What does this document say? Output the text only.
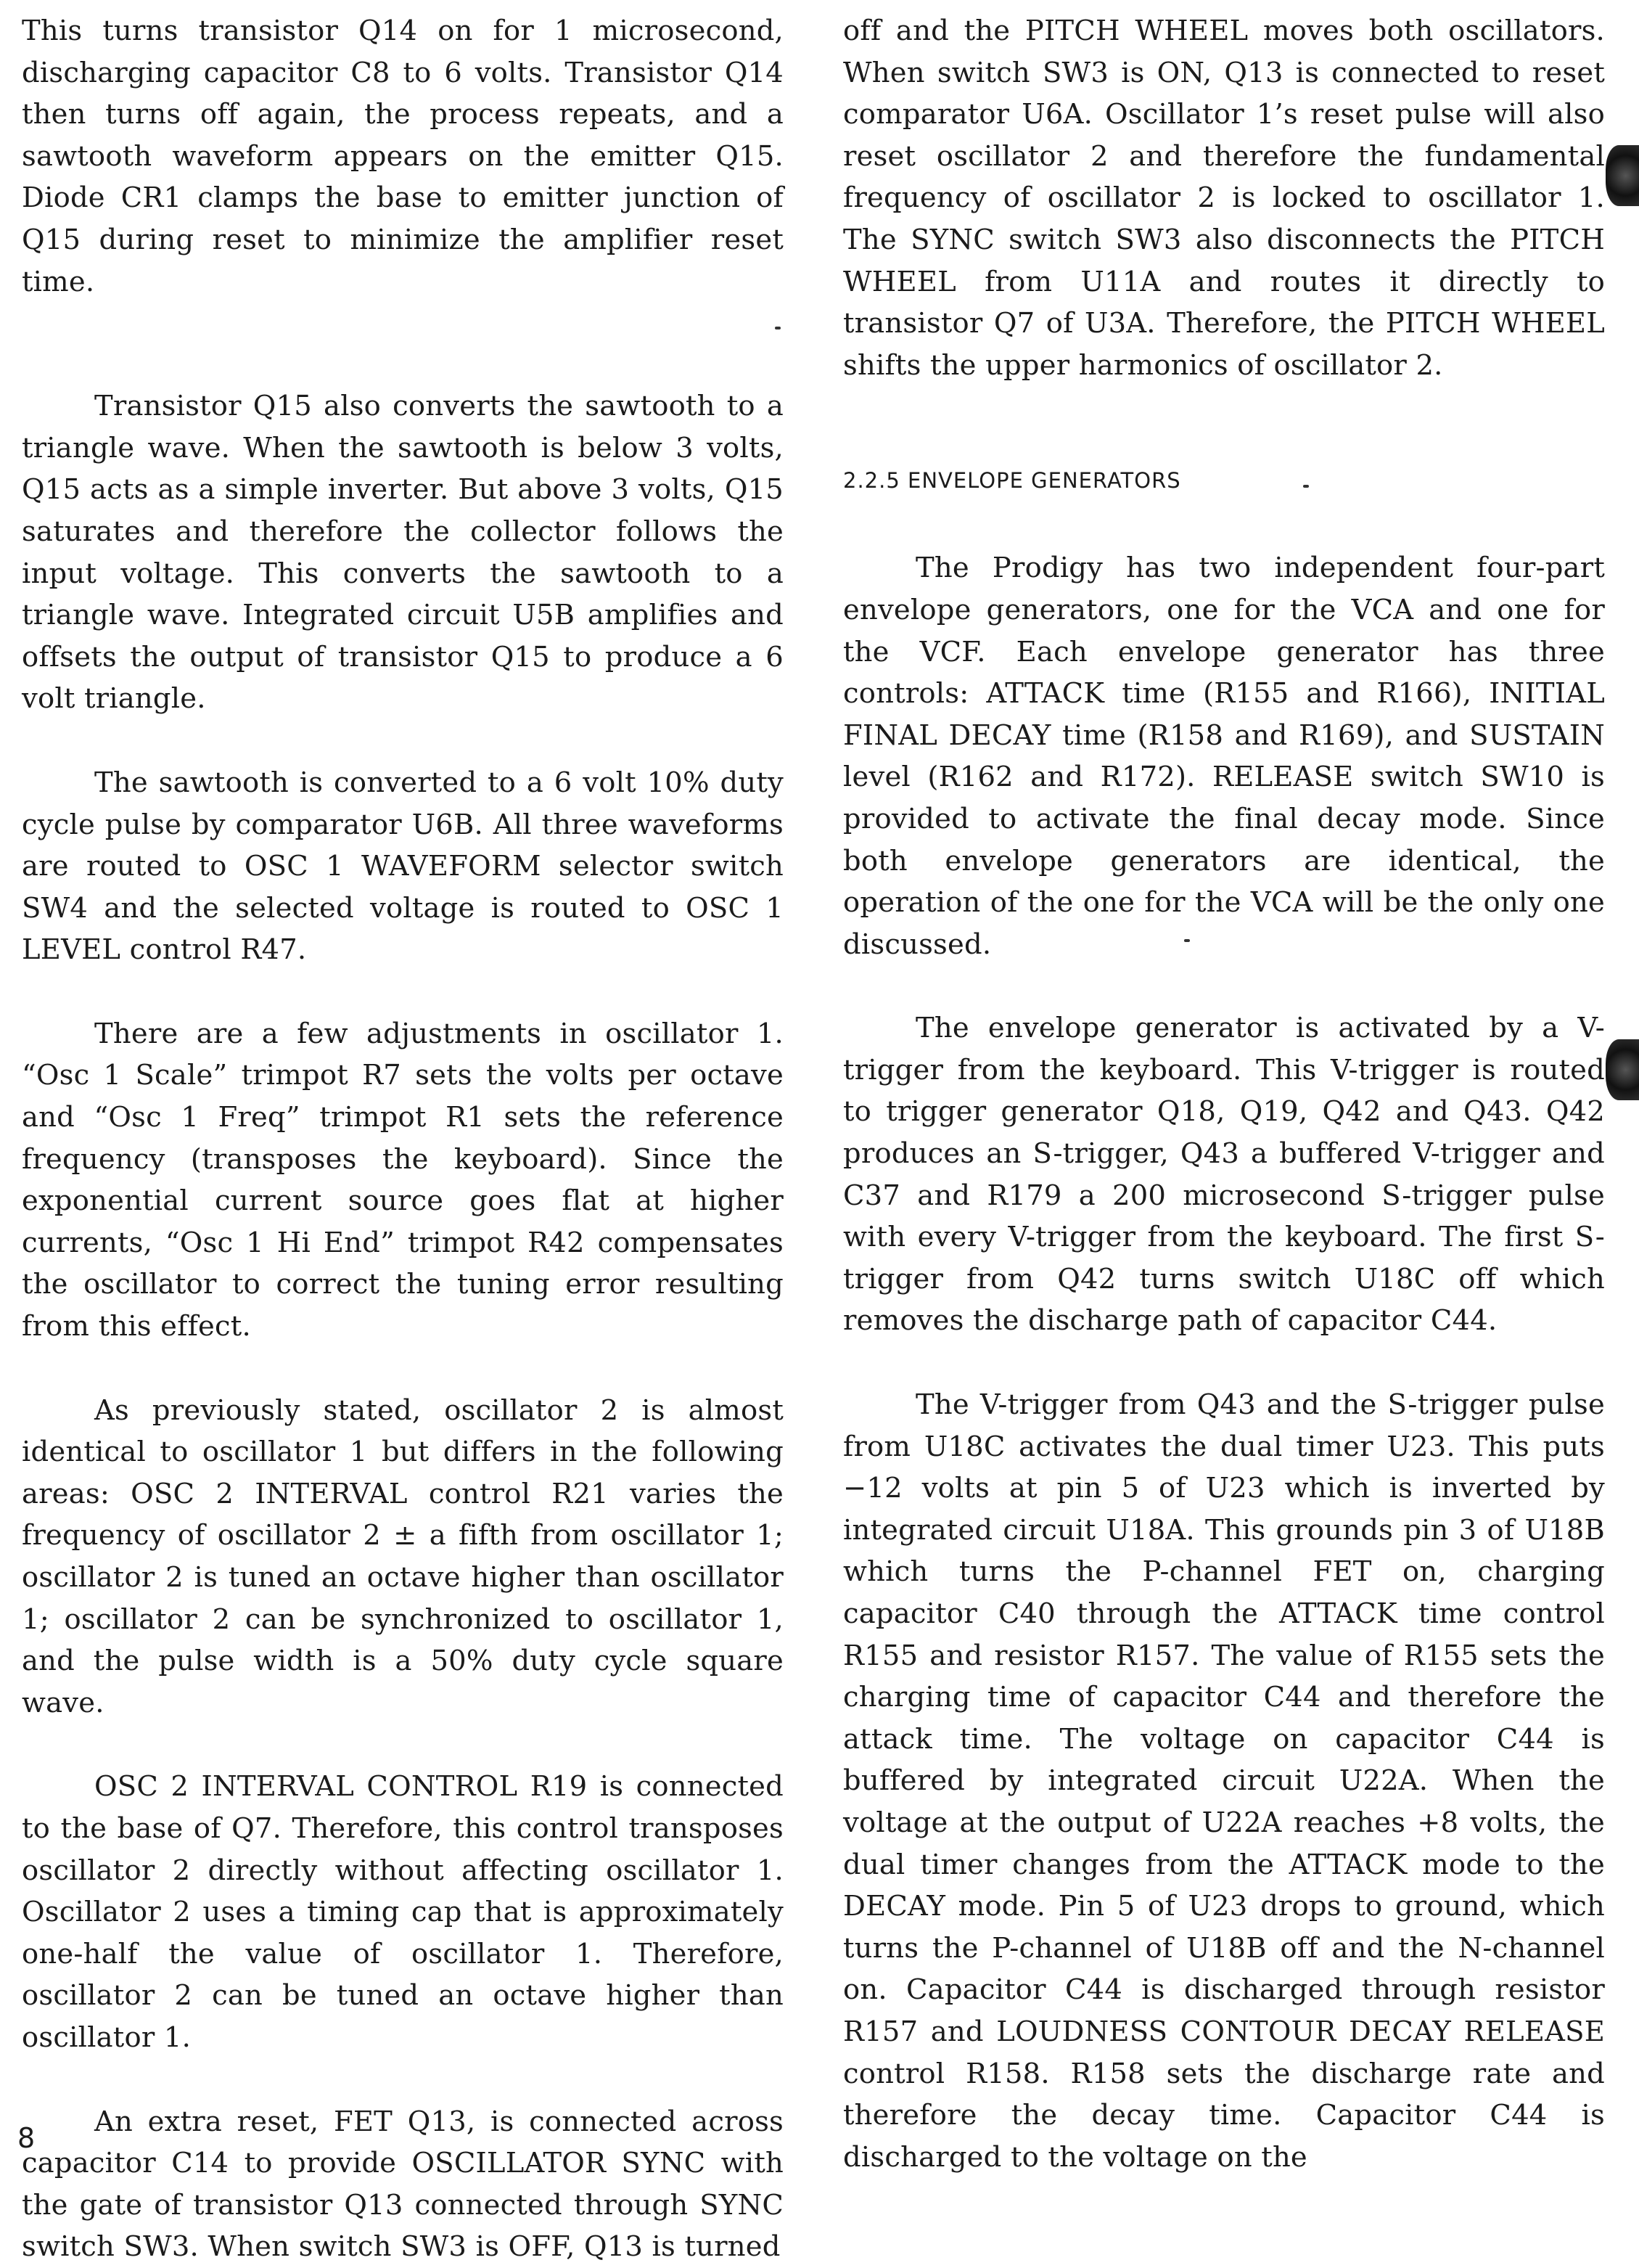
This turns transistor Q14 on for 1 microsecond, discharging capacitor C8 to 6 volts. Transistor Q14 then turns off again, the process repeats, and a sawtooth waveform appears on the emitter Q15. Diode CR1 clamps the base to emitter junction of Q15 during reset to minimize the amplifier reset time.

Transistor Q15 also converts the sawtooth to a triangle wave. When the sawtooth is below 3 volts, Q15 acts as a simple inverter. But above 3 volts, Q15 saturates and therefore the collector follows the input voltage. This converts the sawtooth to a triangle wave. Integrated circuit U5B amplifies and offsets the output of transistor Q15 to produce a 6 volt triangle.

The sawtooth is converted to a 6 volt 10% duty cycle pulse by comparator U6B. All three waveforms are routed to OSC 1 WAVEFORM selector switch SW4 and the selected voltage is routed to OSC 1 LEVEL control R47.

There are a few adjustments in oscillator 1. “Osc 1 Scale” trimpot R7 sets the volts per octave and “Osc 1 Freq” trimpot R1 sets the reference frequency (transposes the keyboard). Since the exponential current source goes flat at higher currents, “Osc 1 Hi End” trimpot R42 compensates the oscillator to correct the tuning error resulting from this effect.

As previously stated, oscillator 2 is almost identical to oscillator 1 but differs in the following areas: OSC 2 INTERVAL control R21 varies the frequency of oscillator 2 ± a fifth from oscillator 1; oscillator 2 is tuned an octave higher than oscillator 1; oscillator 2 can be synchronized to oscillator 1, and the pulse width is a 50% duty cycle square wave.

OSC 2 INTERVAL CONTROL R19 is connected to the base of Q7. Therefore, this control transposes oscillator 2 directly without affecting oscillator 1. Oscillator 2 uses a timing cap that is approximately one-half the value of oscillator 1. Therefore, oscillator 2 can be tuned an octave higher than oscillator 1.

An extra reset, FET Q13, is connected across capacitor C14 to provide OSCILLATOR SYNC with the gate of transistor Q13 connected through SYNC switch SW3. When switch SW3 is OFF, Q13 is turned

off and the PITCH WHEEL moves both oscillators. When switch SW3 is ON, Q13 is connected to reset comparator U6A. Oscillator 1’s reset pulse will also reset oscillator 2 and therefore the fundamental frequency of oscillator 2 is locked to oscillator 1. The SYNC switch SW3 also disconnects the PITCH WHEEL from U11A and routes it directly to transistor Q7 of U3A. Therefore, the PITCH WHEEL shifts the upper harmonics of oscillator 2.

2.2.5 ENVELOPE GENERATORS

The Prodigy has two independent four-part envelope generators, one for the VCA and one for the VCF. Each envelope generator has three controls: ATTACK time (R155 and R166), INITIAL FINAL DECAY time (R158 and R169), and SUSTAIN level (R162 and R172). RELEASE switch SW10 is provided to activate the final decay mode. Since both envelope generators are identical, the operation of the one for the VCA will be the only one discussed.

The envelope generator is activated by a V-trigger from the keyboard. This V-trigger is routed to trigger generator Q18, Q19, Q42 and Q43. Q42 produces an S-trigger, Q43 a buffered V-trigger and C37 and R179 a 200 microsecond S-trigger pulse with every V-trigger from the keyboard. The first S-trigger from Q42 turns switch U18C off which removes the discharge path of capacitor C44.

The V-trigger from Q43 and the S-trigger pulse from U18C activates the dual timer U23. This puts −12 volts at pin 5 of U23 which is inverted by integrated circuit U18A. This grounds pin 3 of U18B which turns the P-channel FET on, charging capacitor C40 through the ATTACK time control R155 and resistor R157. The value of R155 sets the charging time of capacitor C44 and therefore the attack time. The voltage on capacitor C44 is buffered by integrated circuit U22A. When the voltage at the output of U22A reaches +8 volts, the dual timer changes from the ATTACK mode to the DECAY mode. Pin 5 of U23 drops to ground, which turns the P-channel of U18B off and the N-channel on. Capacitor C44 is discharged through resistor R157 and LOUDNESS CONTOUR DECAY RELEASE control R158. R158 sets the discharge rate and therefore the decay time. Capacitor C44 is discharged to the voltage on the

8
